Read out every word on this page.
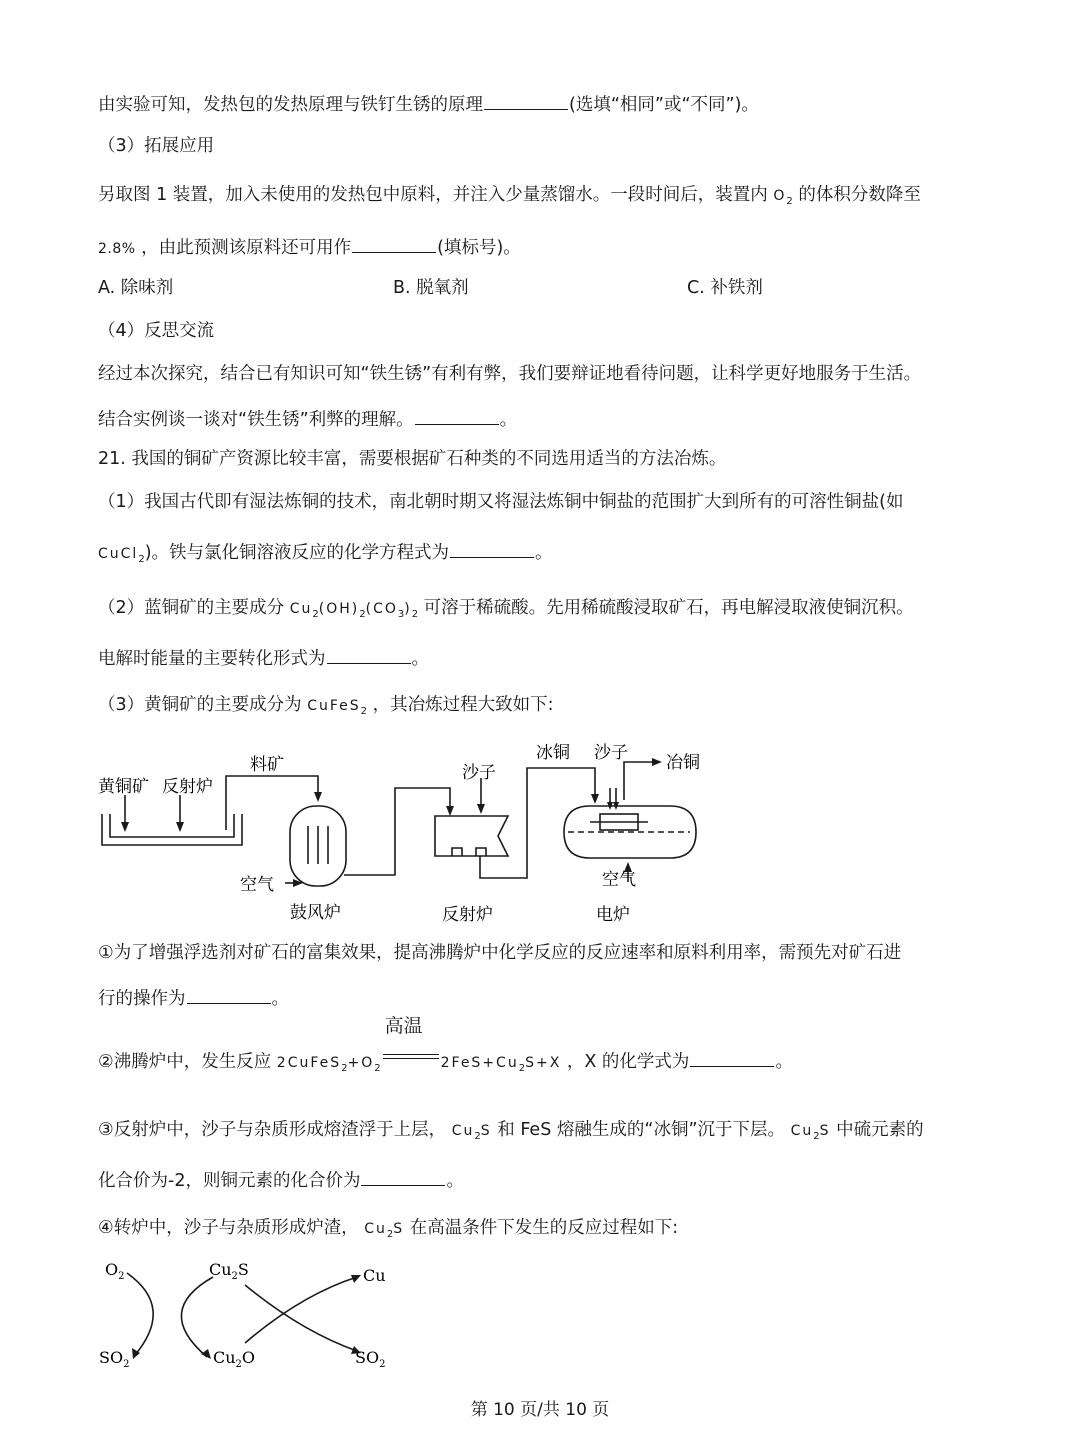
由实验可知，发热包的发热原理与铁钉生锈的原理	(选填“相同”或“不同”)。
（3）拓展应用
另取图 1 装置，加入未使用的发热包中原料，并注入少量蒸馏水。一段时间后，装置内 $O_2$ 的体积分数降至
2.8% ，由此预测该原料还可用作	(填标号)。
A. 除味剂	B. 脱氧剂	C. 补铁剂
（4）反思交流
经过本次探究，结合已有知识可知“铁生锈”有利有弊，我们要辩证地看待问题，让科学更好地服务于生活。
结合实例谈一谈对“铁生锈”利弊的理解。	。
21. 我国的铜矿产资源比较丰富，需要根据矿石种类的不同选用适当的方法冶炼。
（1）我国古代即有湿法炼铜的技术，南北朝时期又将湿法炼铜中铜盐的范围扩大到所有的可溶性铜盐(如
CuCl$_2$)。铁与氯化铜溶液反应的化学方程式为	。
（2）蓝铜矿的主要成分 $Cu_2(OH)_2(CO_3)_2$ 可溶于稀硫酸。先用稀硫酸浸取矿石，再电解浸取液使铜沉积。
电解时能量的主要转化形式为	。
（3）黄铜矿的主要成分为 CuFeS$_2$ ，其冶炼过程大致如下:
黄铜矿 反射炉
料矿	沙子
冰铜 沙子 冶铜
空气	空气
鼓风炉	反射炉	电炉
①为了增强浮选剂对矿石的富集效果，提高沸腾炉中化学反应的反应速率和原料利用率，需预先对矿石进
行的操作为	。
②沸腾炉中，发生反应 $2CuFeS_2+O_2$
高温
$2FeS+Cu_2S+X$ ，X 的化学式为	。
③反射炉中，沙子与杂质形成熔渣浮于上层， $Cu_2S$ 和 FeS 熔融生成的“冰铜”沉于下层。 $Cu_2S$ 中硫元素的
化合价为-2，则铜元素的化合价为	。
④转炉中，沙子与杂质形成炉渣， $Cu_2S$ 在高温条件下发生的反应过程如下:
$O_2$	$Cu_2S$	Cu
$SO_2$	$Cu_2O$	$SO_2$
第 10 页/共 10 页
